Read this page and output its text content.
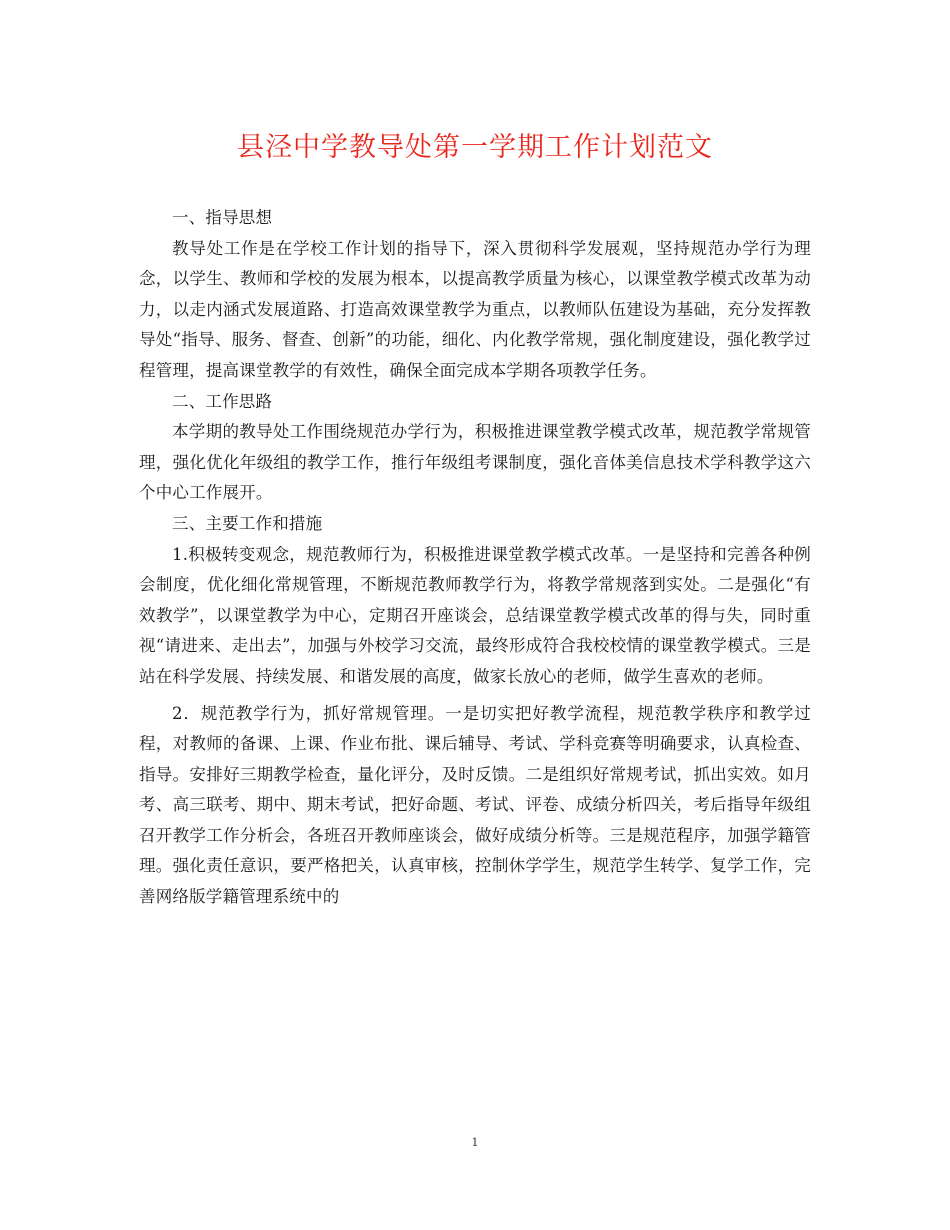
县泾中学教导处第一学期工作计划范文

一、指导思想

教导处工作是在学校工作计划的指导下，深入贯彻科学发展观，坚持规范办学行为理念，以学生、教师和学校的发展为根本，以提高教学质量为核心，以课堂教学模式改革为动力，以走内涵式发展道路、打造高效课堂教学为重点，以教师队伍建设为基础，充分发挥教导处“指导、服务、督查、创新”的功能，细化、内化教学常规，强化制度建设，强化教学过程管理，提高课堂教学的有效性，确保全面完成本学期各项教学任务。

二、工作思路

本学期的教导处工作围绕规范办学行为，积极推进课堂教学模式改革，规范教学常规管理，强化优化年级组的教学工作，推行年级组考课制度，强化音体美信息技术学科教学这六个中心工作展开。

三、主要工作和措施

1.积极转变观念，规范教师行为，积极推进课堂教学模式改革。一是坚持和完善各种例会制度，优化细化常规管理，不断规范教师教学行为，将教学常规落到实处。二是强化“有效教学”，以课堂教学为中心，定期召开座谈会，总结课堂教学模式改革的得与失，同时重视“请进来、走出去”，加强与外校学习交流，最终形成符合我校校情的课堂教学模式。三是站在科学发展、持续发展、和谐发展的高度，做家长放心的老师，做学生喜欢的老师。

2．规范教学行为，抓好常规管理。一是切实把好教学流程，规范教学秩序和教学过程，对教师的备课、上课、作业布批、课后辅导、考试、学科竞赛等明确要求，认真检查、指导。安排好三期教学检查，量化评分，及时反馈。二是组织好常规考试，抓出实效。如月考、高三联考、期中、期末考试，把好命题、考试、评卷、成绩分析四关，考后指导年级组召开教学工作分析会，各班召开教师座谈会，做好成绩分析等。三是规范程序，加强学籍管理。强化责任意识，要严格把关，认真审核，控制休学学生，规范学生转学、复学工作，完善网络版学籍管理系统中的

1
